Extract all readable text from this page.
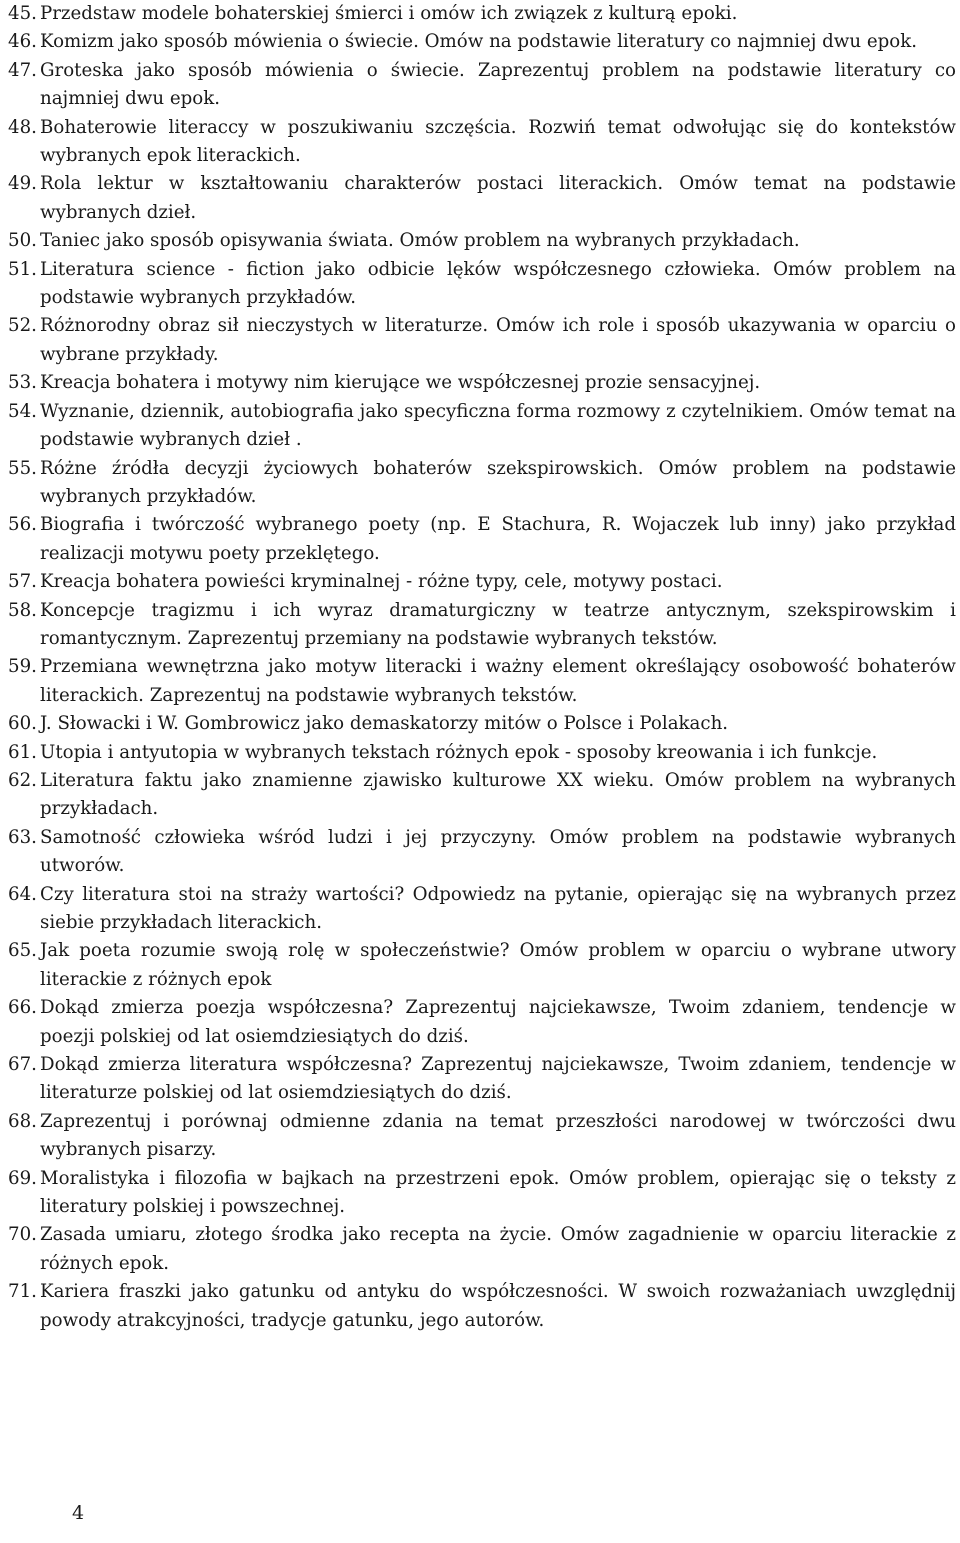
45. Przedstaw modele bohaterskiej śmierci i omów ich związek z kulturą epoki.
46. Komizm jako sposób mówienia o świecie. Omów na podstawie literatury co najmniej dwu epok.
47. Groteska jako sposób mówienia o świecie. Zaprezentuj problem na podstawie literatury co najmniej dwu epok.
48. Bohaterowie literaccy w poszukiwaniu szczęścia. Rozwiń temat odwołując się do kontekstów wybranych epok literackich.
49. Rola lektur w kształtowaniu charakterów postaci literackich. Omów temat na podstawie wybranych dzieł.
50. Taniec jako sposób opisywania świata. Omów problem na wybranych przykładach.
51. Literatura science - fiction jako odbicie lęków współczesnego człowieka. Omów problem na podstawie wybranych przykładów.
52. Różnorodny obraz sił nieczystych w literaturze. Omów ich role i sposób ukazywania w oparciu o wybrane przykłady.
53. Kreacja bohatera i motywy nim kierujące we współczesnej prozie sensacyjnej.
54. Wyznanie, dziennik, autobiografia jako specyficzna forma rozmowy z czytelnikiem. Omów temat na podstawie wybranych dzieł .
55. Różne źródła decyzji życiowych bohaterów szekspirowskich. Omów problem na podstawie wybranych przykładów.
56. Biografia i twórczość wybranego poety (np. E Stachura, R. Wojaczek lub inny) jako przykład realizacji motywu poety przeklętego.
57. Kreacja bohatera powieści kryminalnej - różne typy, cele, motywy postaci.
58. Koncepcje tragizmu i ich wyraz dramaturgiczny w teatrze antycznym, szekspirowskim i romantycznym. Zaprezentuj przemiany na podstawie wybranych tekstów.
59. Przemiana wewnętrzna jako motyw literacki i ważny element określający osobowość bohaterów literackich. Zaprezentuj na podstawie wybranych tekstów.
60. J. Słowacki i W. Gombrowicz jako demaskatorzy mitów o Polsce i Polakach.
61. Utopia i antyutopia w wybranych tekstach różnych epok - sposoby kreowania i ich funkcje.
62. Literatura faktu jako znamienne zjawisko kulturowe XX wieku. Omów problem na wybranych przykładach.
63. Samotność człowieka wśród ludzi i jej przyczyny. Omów problem na podstawie wybranych utworów.
64. Czy literatura stoi na straży wartości? Odpowiedz na pytanie, opierając się na wybranych przez siebie przykładach literackich.
65. Jak poeta rozumie swoją rolę w społeczeństwie? Omów problem w oparciu o wybrane utwory literackie z różnych epok
66. Dokąd zmierza poezja współczesna? Zaprezentuj najciekawsze, Twoim zdaniem, tendencje w poezji polskiej od lat osiemdziesiątych do dziś.
67. Dokąd zmierza literatura współczesna? Zaprezentuj najciekawsze, Twoim zdaniem, tendencje w literaturze polskiej od lat osiemdziesiątych do dziś.
68. Zaprezentuj i porównaj odmienne zdania na temat przeszłości narodowej w twórczości dwu wybranych pisarzy.
69. Moralistyka i filozofia w bajkach na przestrzeni epok. Omów problem, opierając się o teksty z literatury polskiej i powszechnej.
70. Zasada umiaru, złotego środka jako recepta na życie. Omów zagadnienie w oparciu literackie z różnych epok.
71. Kariera fraszki jako gatunku od antyku do współczesności. W swoich rozważaniach uwzględnij powody atrakcyjności, tradycje gatunku, jego autorów.
4
